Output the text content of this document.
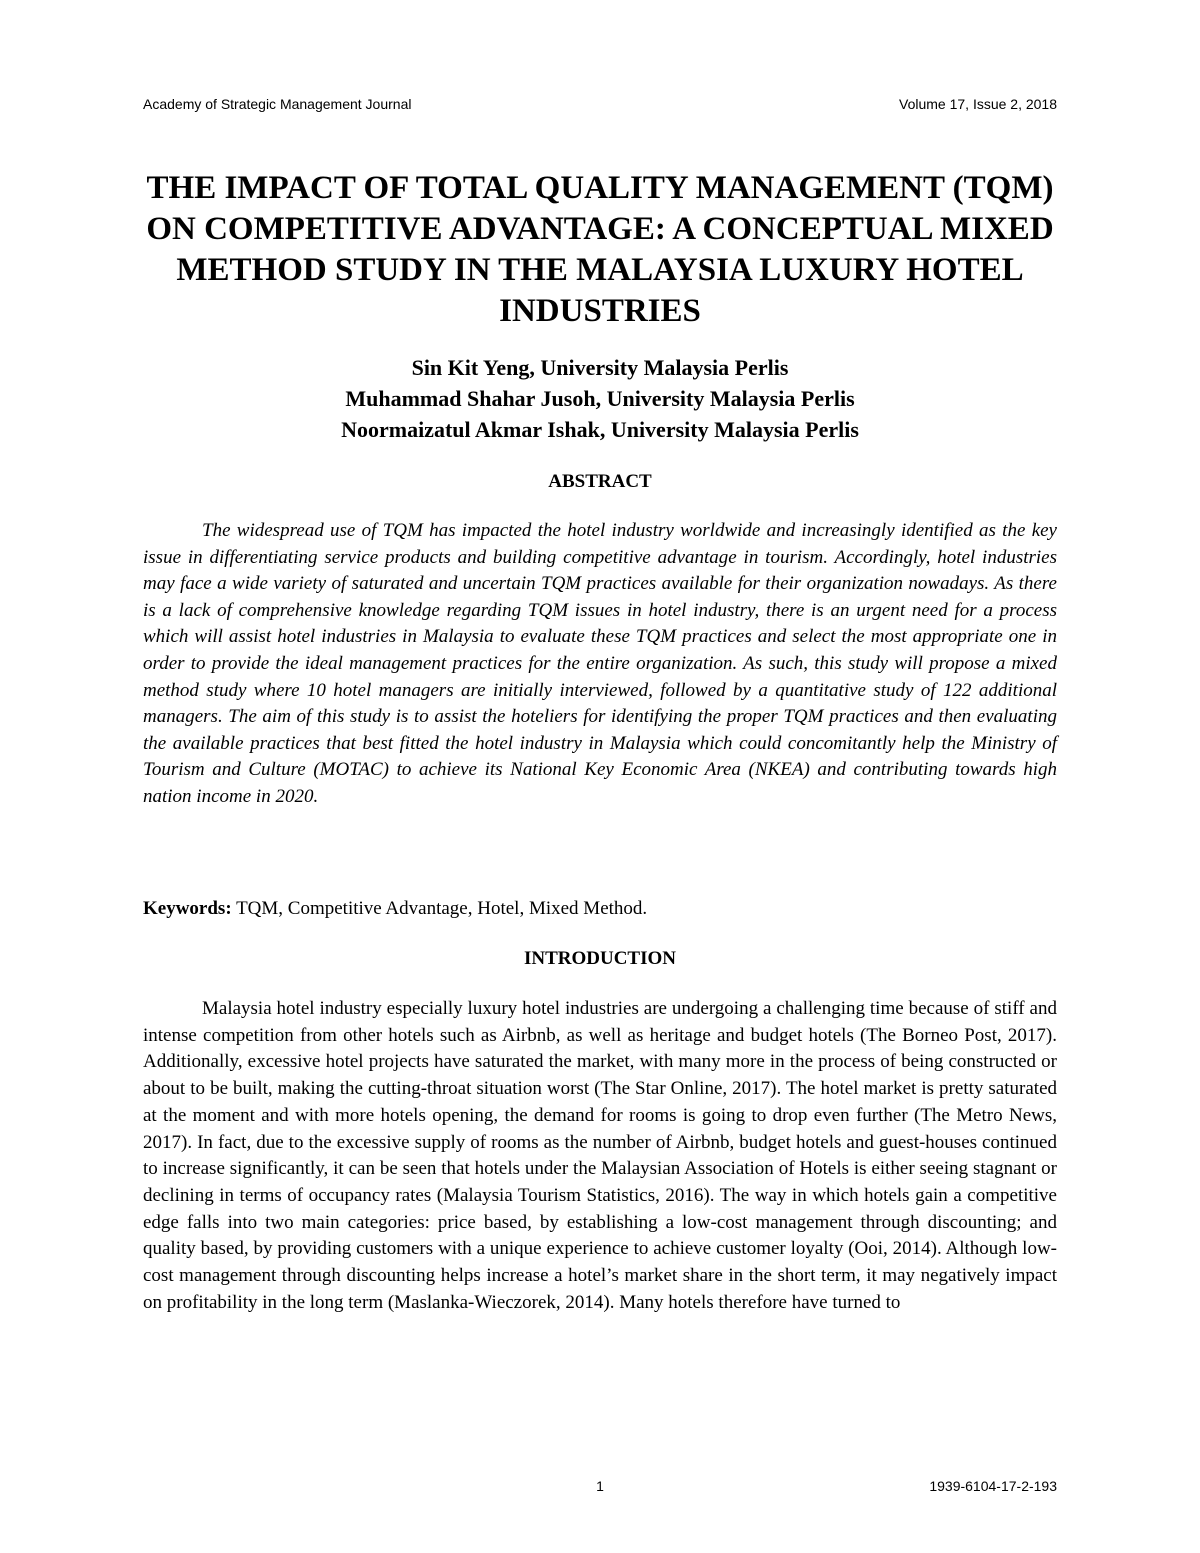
Academy of Strategic Management Journal	Volume 17, Issue 2, 2018
THE IMPACT OF TOTAL QUALITY MANAGEMENT (TQM) ON COMPETITIVE ADVANTAGE: A CONCEPTUAL MIXED METHOD STUDY IN THE MALAYSIA LUXURY HOTEL INDUSTRIES
Sin Kit Yeng, University Malaysia Perlis
Muhammad Shahar Jusoh, University Malaysia Perlis
Noormaizatul Akmar Ishak, University Malaysia Perlis
ABSTRACT

The widespread use of TQM has impacted the hotel industry worldwide and increasingly identified as the key issue in differentiating service products and building competitive advantage in tourism. Accordingly, hotel industries may face a wide variety of saturated and uncertain TQM practices available for their organization nowadays. As there is a lack of comprehensive knowledge regarding TQM issues in hotel industry, there is an urgent need for a process which will assist hotel industries in Malaysia to evaluate these TQM practices and select the most appropriate one in order to provide the ideal management practices for the entire organization. As such, this study will propose a mixed method study where 10 hotel managers are initially interviewed, followed by a quantitative study of 122 additional managers. The aim of this study is to assist the hoteliers for identifying the proper TQM practices and then evaluating the available practices that best fitted the hotel industry in Malaysia which could concomitantly help the Ministry of Tourism and Culture (MOTAC) to achieve its National Key Economic Area (NKEA) and contributing towards high nation income in 2020.

Keywords: TQM, Competitive Advantage, Hotel, Mixed Method.

INTRODUCTION

Malaysia hotel industry especially luxury hotel industries are undergoing a challenging time because of stiff and intense competition from other hotels such as Airbnb, as well as heritage and budget hotels (The Borneo Post, 2017). Additionally, excessive hotel projects have saturated the market, with many more in the process of being constructed or about to be built, making the cutting-throat situation worst (The Star Online, 2017). The hotel market is pretty saturated at the moment and with more hotels opening, the demand for rooms is going to drop even further (The Metro News, 2017). In fact, due to the excessive supply of rooms as the number of Airbnb, budget hotels and guest-houses continued to increase significantly, it can be seen that hotels under the Malaysian Association of Hotels is either seeing stagnant or declining in terms of occupancy rates (Malaysia Tourism Statistics, 2016). The way in which hotels gain a competitive edge falls into two main categories: price based, by establishing a low-cost management through discounting; and quality based, by providing customers with a unique experience to achieve customer loyalty (Ooi, 2014). Although low-cost management through discounting helps increase a hotel’s market share in the short term, it may negatively impact on profitability in the long term (Maslanka-Wieczorek, 2014). Many hotels therefore have turned to

1	1939-6104-17-2-193
